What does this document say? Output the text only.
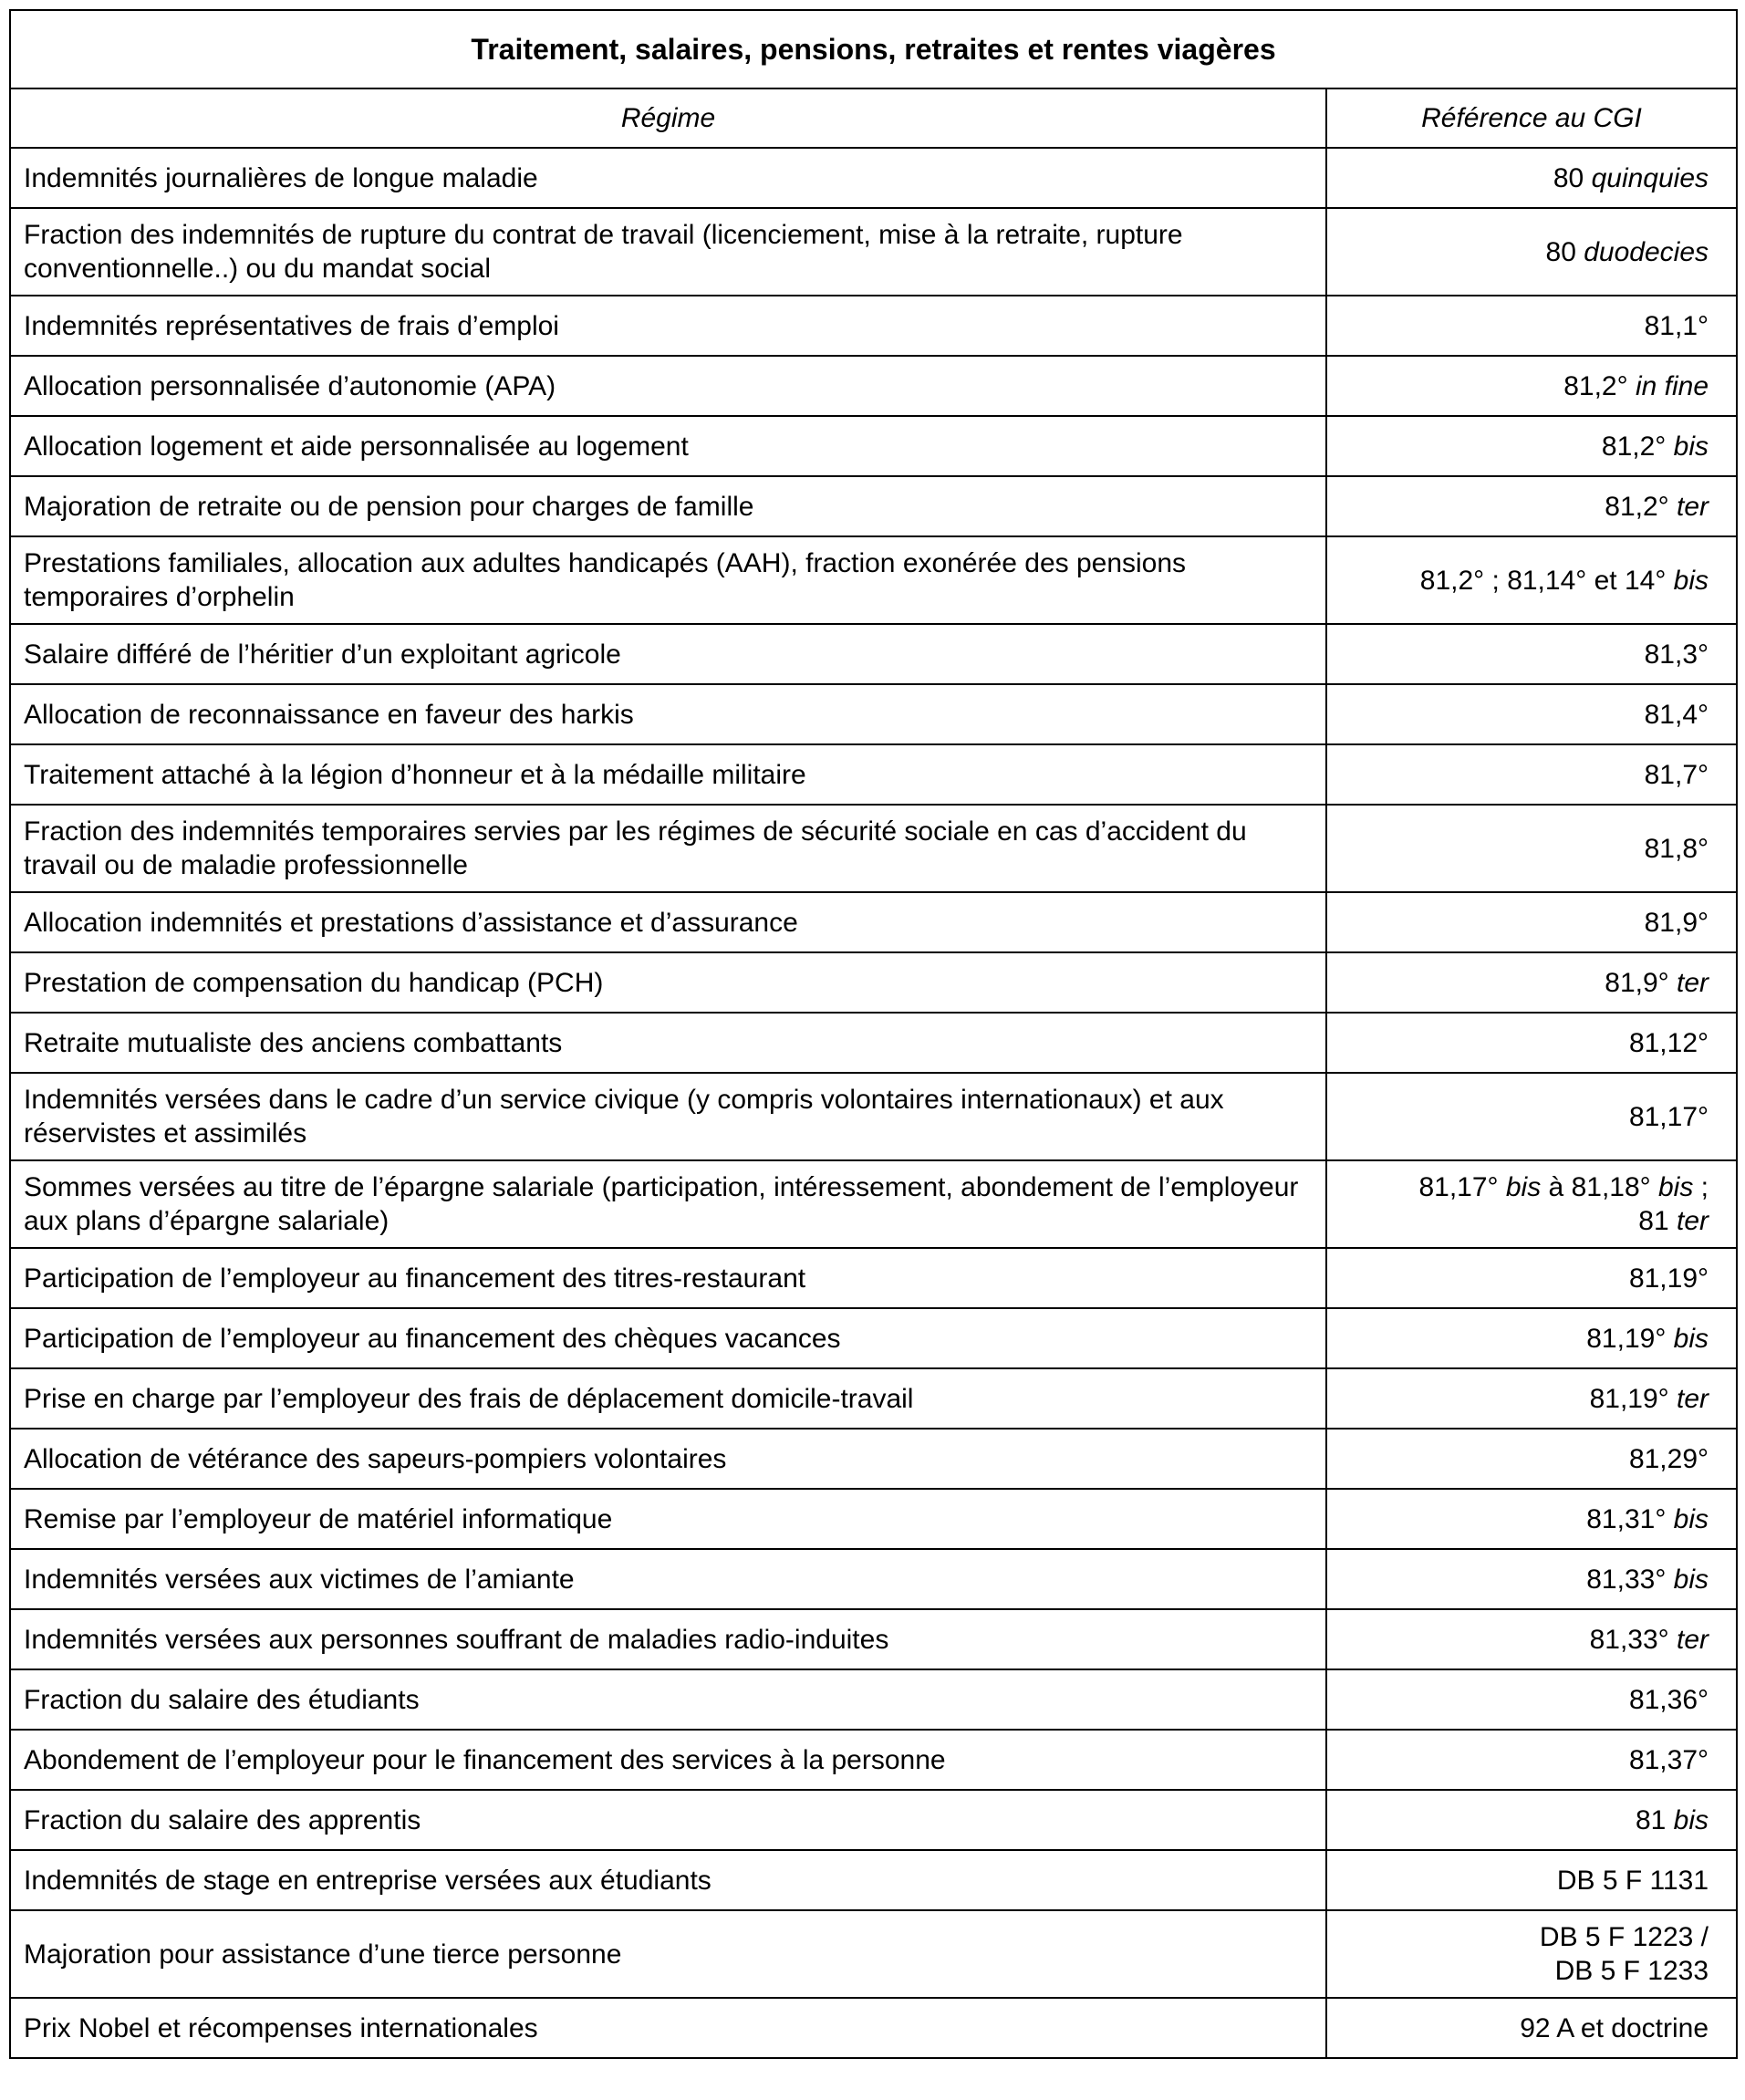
Traitement, salaires, pensions, retraites et rentes viagères	
Régime	Référence au CGI
Indemnités journalières de longue maladie	80 quinquies
Fraction des indemnités de rupture du contrat de travail (licenciement, mise à la retraite, rupture conventionnelle..) ou du mandat social	80 duodecies
Indemnités représentatives de frais d’emploi	81,1°
Allocation personnalisée d’autonomie (APA)	81,2° in fine
Allocation logement et aide personnalisée au logement	81,2° bis
Majoration de retraite ou de pension pour charges de famille	81,2° ter
Prestations familiales, allocation aux adultes handicapés (AAH), fraction exonérée des pensions temporaires d’orphelin	81,2° ; 81,14° et 14° bis
Salaire différé de l’héritier d’un exploitant agricole	81,3°
Allocation de reconnaissance en faveur des harkis	81,4°
Traitement attaché à la légion d’honneur et à la médaille militaire	81,7°
Fraction des indemnités temporaires servies par les régimes de sécurité sociale en cas d’accident du travail ou de maladie professionnelle	81,8°
Allocation indemnités et prestations d’assistance et d’assurance	81,9°
Prestation de compensation du handicap (PCH)	81,9° ter
Retraite mutualiste des anciens combattants	81,12°
Indemnités versées dans le cadre d’un service civique (y compris volontaires internationaux) et aux réservistes et assimilés	81,17°
Sommes versées au titre de l’épargne salariale (participation, intéressement, abondement de l’employeur aux plans d’épargne salariale)	81,17° bis à 81,18° bis ;
81 ter
Participation de l’employeur au financement des titres-restaurant	81,19°
Participation de l’employeur au financement des chèques vacances	81,19° bis
Prise en charge par l’employeur des frais de déplacement domicile-travail	81,19° ter
Allocation de vétérance des sapeurs-pompiers volontaires	81,29°
Remise par l’employeur de matériel informatique	81,31° bis
Indemnités versées aux victimes de l’amiante	81,33° bis
Indemnités versées aux personnes souffrant de maladies radio-induites	81,33° ter
Fraction du salaire des étudiants	81,36°
Abondement de l’employeur pour le financement des services à la personne	81,37°
Fraction du salaire des apprentis	81 bis
Indemnités de stage en entreprise versées aux étudiants	DB 5 F 1131
Majoration pour assistance d’une tierce personne	DB 5 F 1223 /
DB 5 F 1233
Prix Nobel et récompenses internationales	92 A et doctrine
